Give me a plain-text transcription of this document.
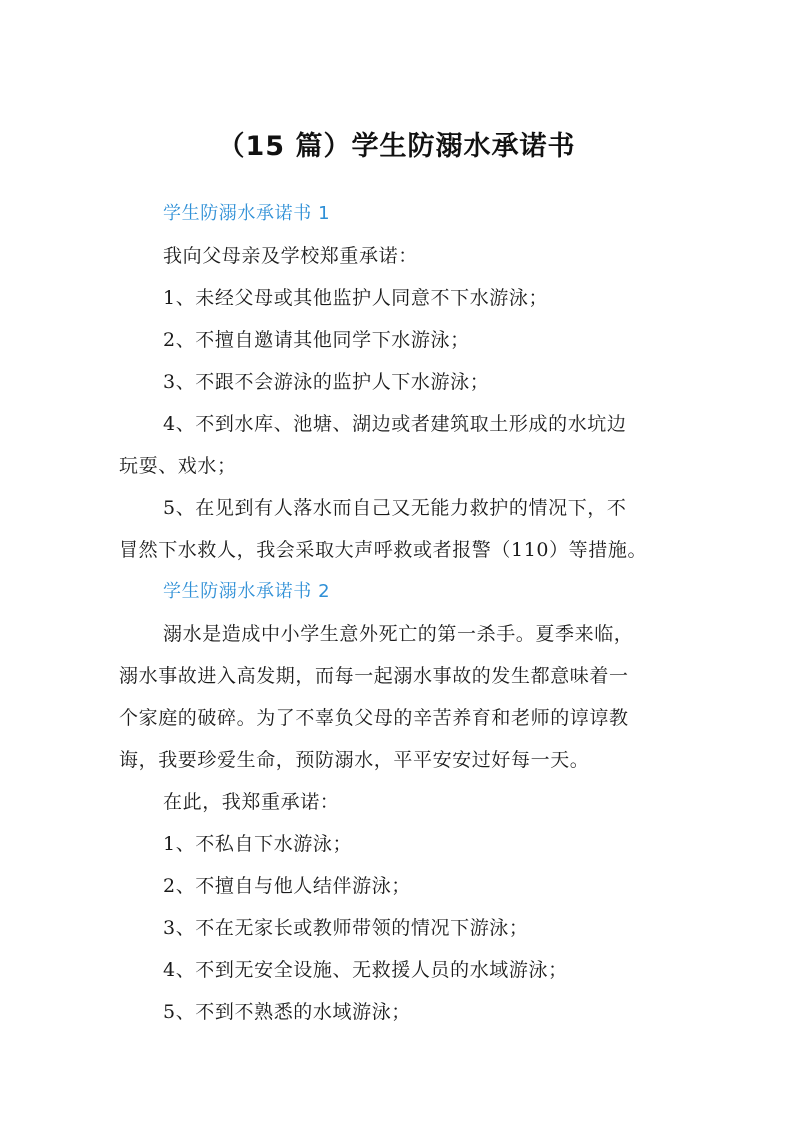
（15 篇）学生防溺水承诺书
学生防溺水承诺书 1
我向父母亲及学校郑重承诺：
1、未经父母或其他监护人同意不下水游泳；
2、不擅自邀请其他同学下水游泳；
3、不跟不会游泳的监护人下水游泳；
4、不到水库、池塘、湖边或者建筑取土形成的水坑边
玩耍、戏水；
5、在见到有人落水而自己又无能力救护的情况下，不
冒然下水救人，我会采取大声呼救或者报警（110）等措施。
学生防溺水承诺书 2
溺水是造成中小学生意外死亡的第一杀手。夏季来临，
溺水事故进入高发期，而每一起溺水事故的发生都意味着一
个家庭的破碎。为了不辜负父母的辛苦养育和老师的谆谆教
诲，我要珍爱生命，预防溺水，平平安安过好每一天。
在此，我郑重承诺：
1、不私自下水游泳；
2、不擅自与他人结伴游泳；
3、不在无家长或教师带领的情况下游泳；
4、不到无安全设施、无救援人员的水域游泳；
5、不到不熟悉的水域游泳；
